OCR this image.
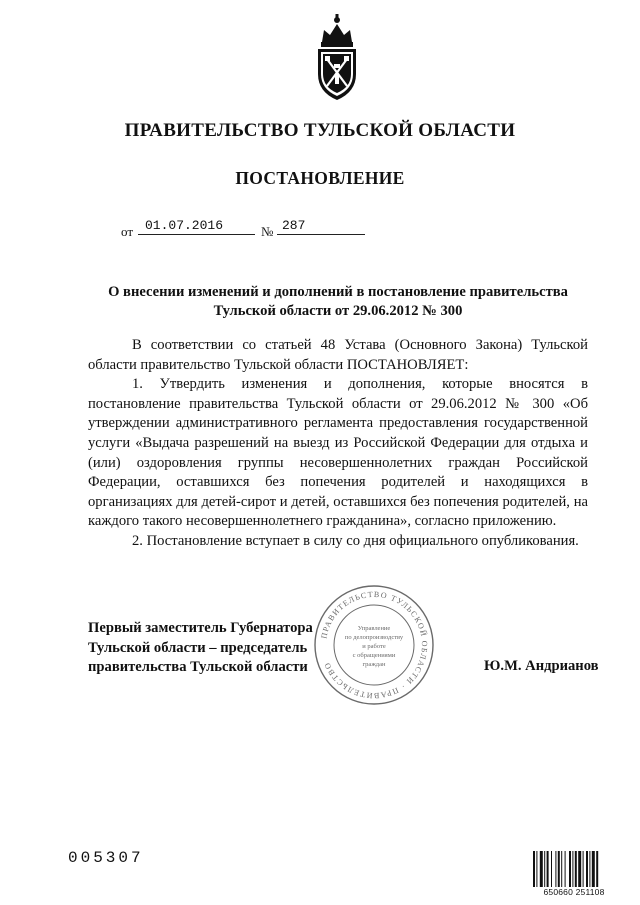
ПРАВИТЕЛЬСТВО ТУЛЬСКОЙ ОБЛАСТИ
ПОСТАНОВЛЕНИЕ
от 01.07.2016	№ 287
О внесении изменений и дополнений в постановление правительства Тульской области от 29.06.2012 № 300

В соответствии со статьей 48 Устава (Основного Закона) Тульской области правительство Тульской области ПОСТАНОВЛЯЕТ:

1. Утвердить изменения и дополнения, которые вносятся в постановление правительства Тульской области от 29.06.2012 № 300 «Об утверждении административного регламента предоставления государственной услуги «Выдача разрешений на выезд из Российской Федерации для отдыха и (или) оздоровления группы несовершеннолетних граждан Российской Федерации, оставшихся без попечения родителей и находящихся в организациях для детей-сирот и детей, оставшихся без попечения родителей, на каждого такого несовершеннолетнего гражданина», согласно приложению.

2. Постановление вступает в силу со дня официального опубликования.

ПРАВИТЕЛЬСТВО ТУЛЬСКОЙ ОБЛАСТИ · ПРАВИТЕЛЬСТВО
Управление
по делопроизводству
и работе
с обращениями
граждан
Первый заместитель Губернатора
Тульской области – председатель
правительства Тульской области	Ю.М. Андрианов
005307
650660 251108
